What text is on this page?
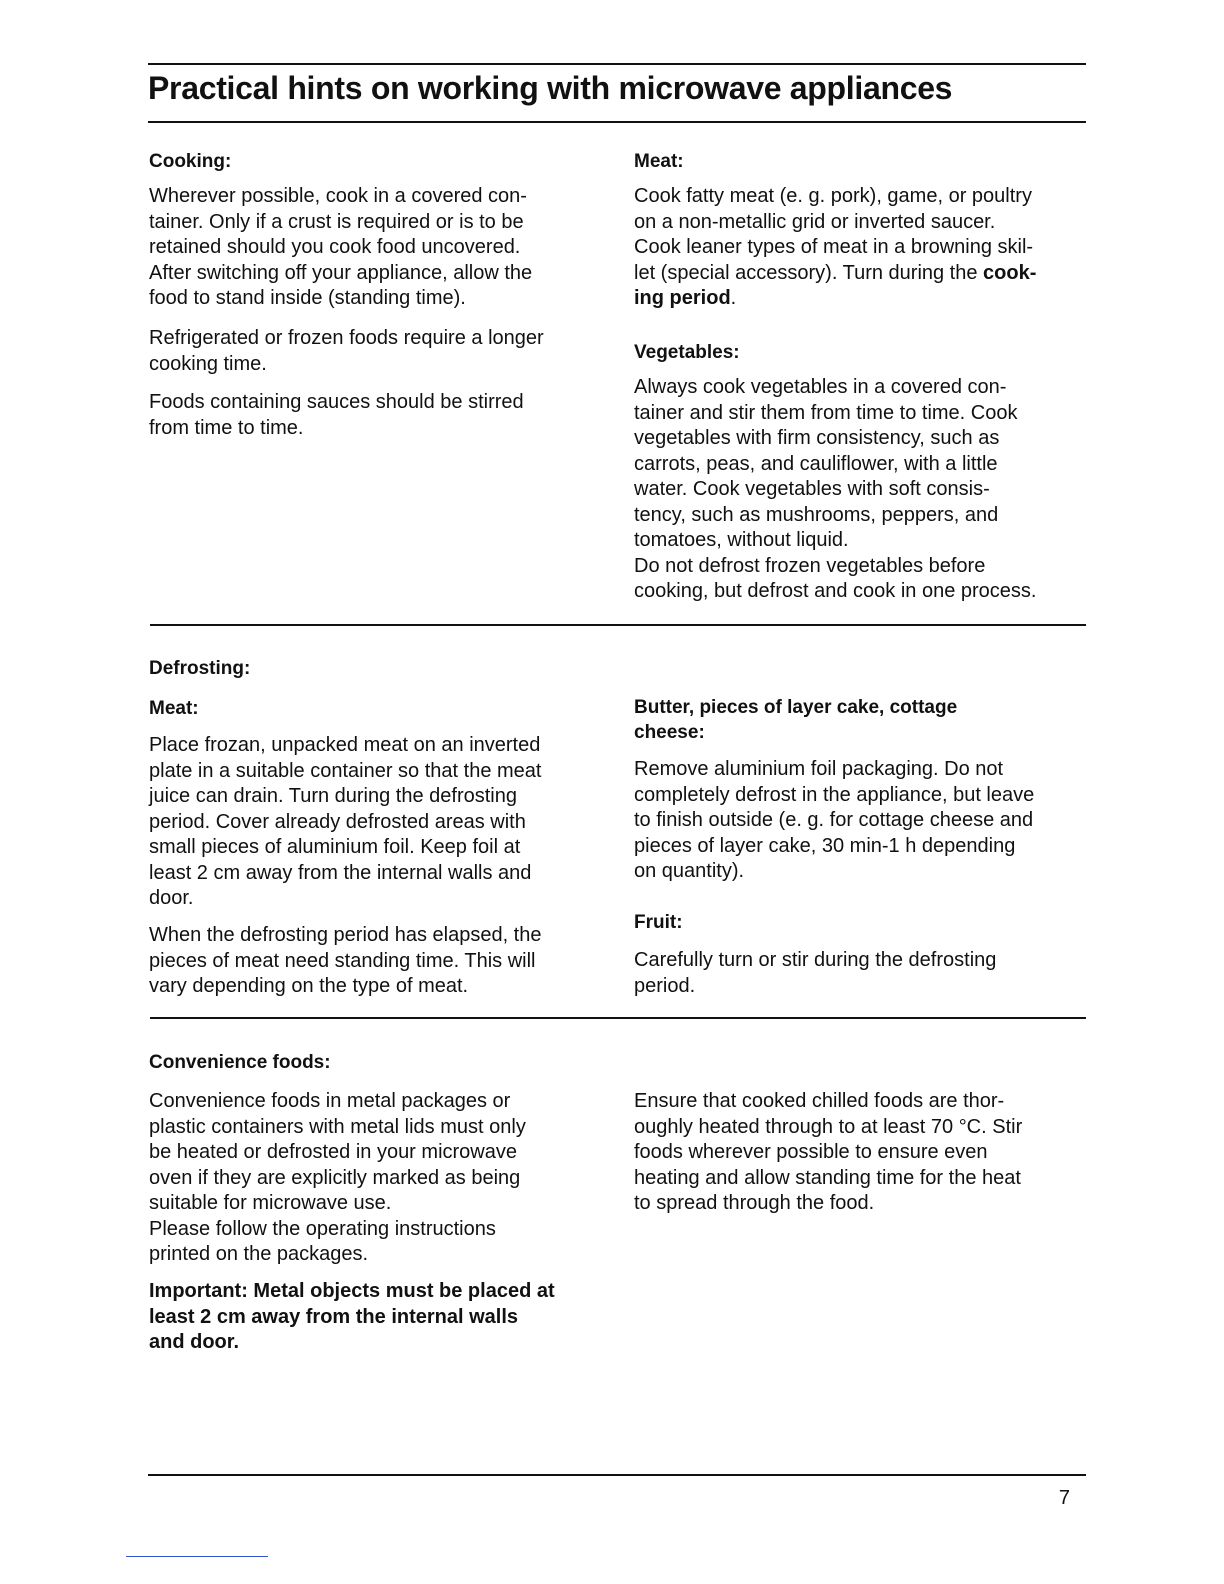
Practical hints on working with microwave appliances
Cooking:

Wherever possible, cook in a covered con-
tainer. Only if a crust is required or is to be
retained should you cook food uncovered.
After switching off your appliance, allow the
food to stand inside (standing time).

Refrigerated or frozen foods require a longer
cooking time.

Foods containing sauces should be stirred
from time to time.

Meat:

Cook fatty meat (e. g. pork), game, or poultry
on a non-metallic grid or inverted saucer.
Cook leaner types of meat in a browning skil-
let (special accessory). Turn during the cook-
ing period.

Vegetables:

Always cook vegetables in a covered con-
tainer and stir them from time to time. Cook
vegetables with firm consistency, such as
carrots, peas, and cauliflower, with a little
water. Cook vegetables with soft consis-
tency, such as mushrooms, peppers, and
tomatoes, without liquid.
Do not defrost frozen vegetables before
cooking, but defrost and cook in one process.

Defrosting:
Meat:

Place frozan, unpacked meat on an inverted
plate in a suitable container so that the meat
juice can drain. Turn during the defrosting
period. Cover already defrosted areas with
small pieces of aluminium foil. Keep foil at
least 2 cm away from the internal walls and
door.

When the defrosting period has elapsed, the
pieces of meat need standing time. This will
vary depending on the type of meat.

Butter, pieces of layer cake, cottage
cheese:

Remove aluminium foil packaging. Do not
completely defrost in the appliance, but leave
to finish outside (e. g. for cottage cheese and
pieces of layer cake, 30 min-1 h depending
on quantity).

Fruit:

Carefully turn or stir during the defrosting
period.

Convenience foods:

Convenience foods in metal packages or
plastic containers with metal lids must only
be heated or defrosted in your microwave
oven if they are explicitly marked as being
suitable for microwave use.
Please follow the operating instructions
printed on the packages.

Important: Metal objects must be placed at
least 2 cm away from the internal walls
and door.

Ensure that cooked chilled foods are thor-
oughly heated through to at least 70 °C. Stir
foods wherever possible to ensure even
heating and allow standing time for the heat
to spread through the food.

7
